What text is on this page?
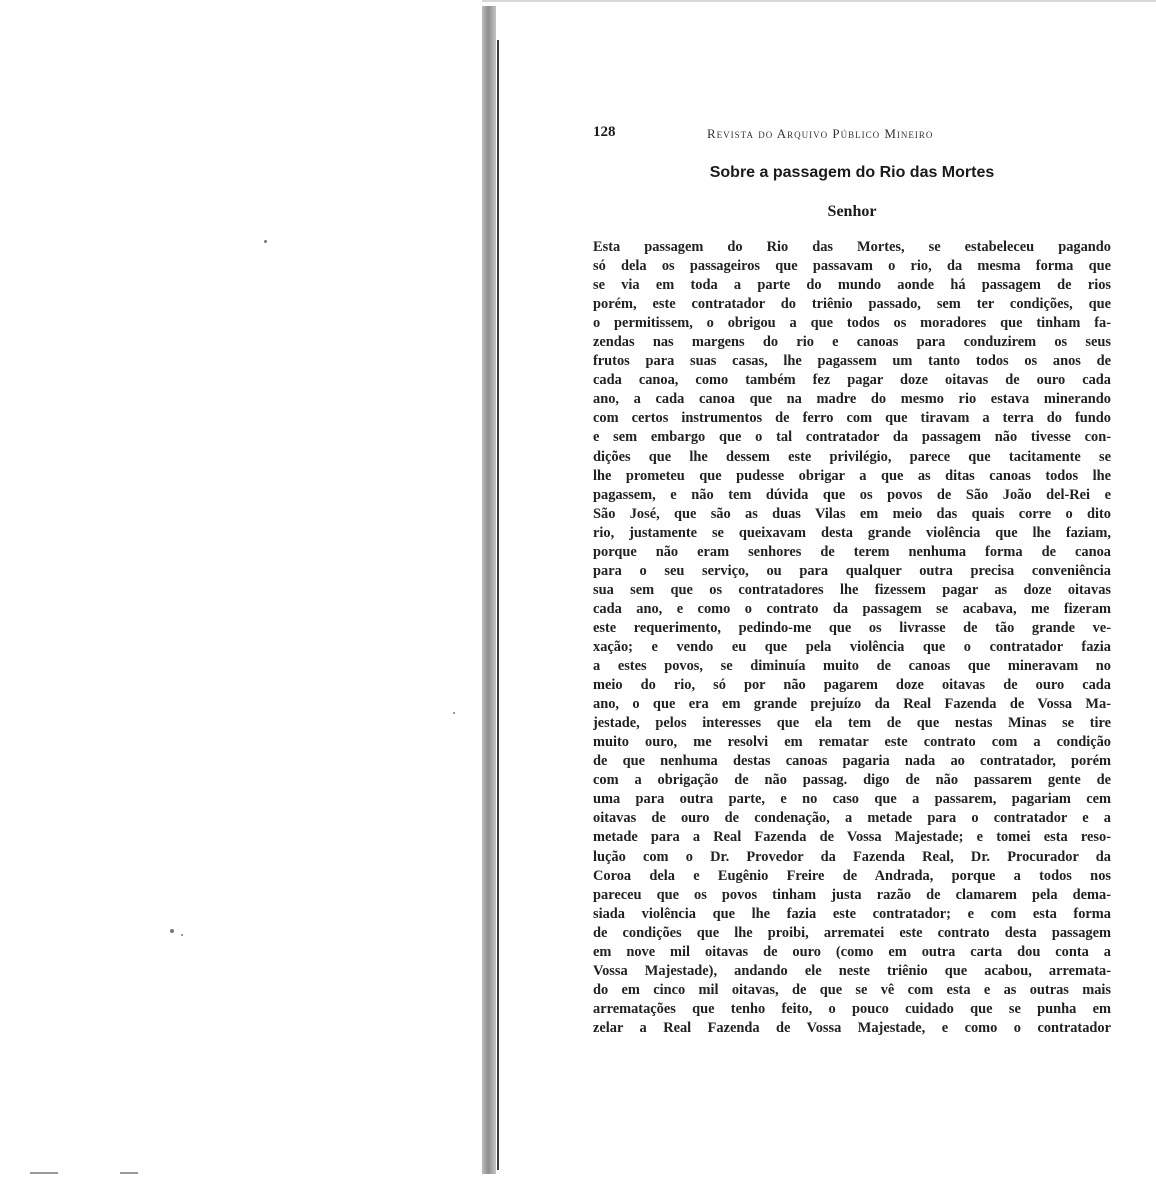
128	Revista do Arquivo Público Mineiro
Sobre a passagem do Rio das Mortes
Senhor
Esta passagem do Rio das Mortes, se estabeleceu pagando
só dela os passageiros que passavam o rio, da mesma forma que
se via em toda a parte do mundo aonde há passagem de rios
porém, este contratador do triênio passado, sem ter condições, que
o permitissem, o obrigou a que todos os moradores que tinham fa-
zendas nas margens do rio e canoas para conduzirem os seus
frutos para suas casas, lhe pagassem um tanto todos os anos de
cada canoa, como também fez pagar doze oitavas de ouro cada
ano, a cada canoa que na madre do mesmo rio estava minerando
com certos instrumentos de ferro com que tiravam a terra do fundo
e sem embargo que o tal contratador da passagem não tivesse con-
dições que lhe dessem este privilégio, parece que tacitamente se
lhe prometeu que pudesse obrigar a que as ditas canoas todos lhe
pagassem, e não tem dúvida que os povos de São João del-Rei e
São José, que são as duas Vilas em meio das quais corre o dito
rio, justamente se queixavam desta grande violência que lhe faziam,
porque não eram senhores de terem nenhuma forma de canoa
para o seu serviço, ou para qualquer outra precisa conveniência
sua sem que os contratadores lhe fizessem pagar as doze oitavas
cada ano, e como o contrato da passagem se acabava, me fizeram
este requerimento, pedindo-me que os livrasse de tão grande ve-
xação; e vendo eu que pela violência que o contratador fazia
a estes povos, se diminuía muito de canoas que mineravam no
meio do rio, só por não pagarem doze oitavas de ouro cada
ano, o que era em grande prejuízo da Real Fazenda de Vossa Ma-
jestade, pelos interesses que ela tem de que nestas Minas se tire
muito ouro, me resolvi em rematar este contrato com a condição
de que nenhuma destas canoas pagaria nada ao contratador, porém
com a obrigação de não passag. digo de não passarem gente de
uma para outra parte, e no caso que a passarem, pagariam cem
oitavas de ouro de condenação, a metade para o contratador e a
metade para a Real Fazenda de Vossa Majestade; e tomei esta reso-
lução com o Dr. Provedor da Fazenda Real, Dr. Procurador da
Coroa dela e Eugênio Freire de Andrada, porque a todos nos
pareceu que os povos tinham justa razão de clamarem pela dema-
siada violência que lhe fazia este contratador; e com esta forma
de condições que lhe proibi, arrematei este contrato desta passagem
em nove mil oitavas de ouro (como em outra carta dou conta a
Vossa Majestade), andando ele neste triênio que acabou, arremata-
do em cinco mil oitavas, de que se vê com esta e as outras mais
arrematações que tenho feito, o pouco cuidado que se punha em
zelar a Real Fazenda de Vossa Majestade, e como o contratador
